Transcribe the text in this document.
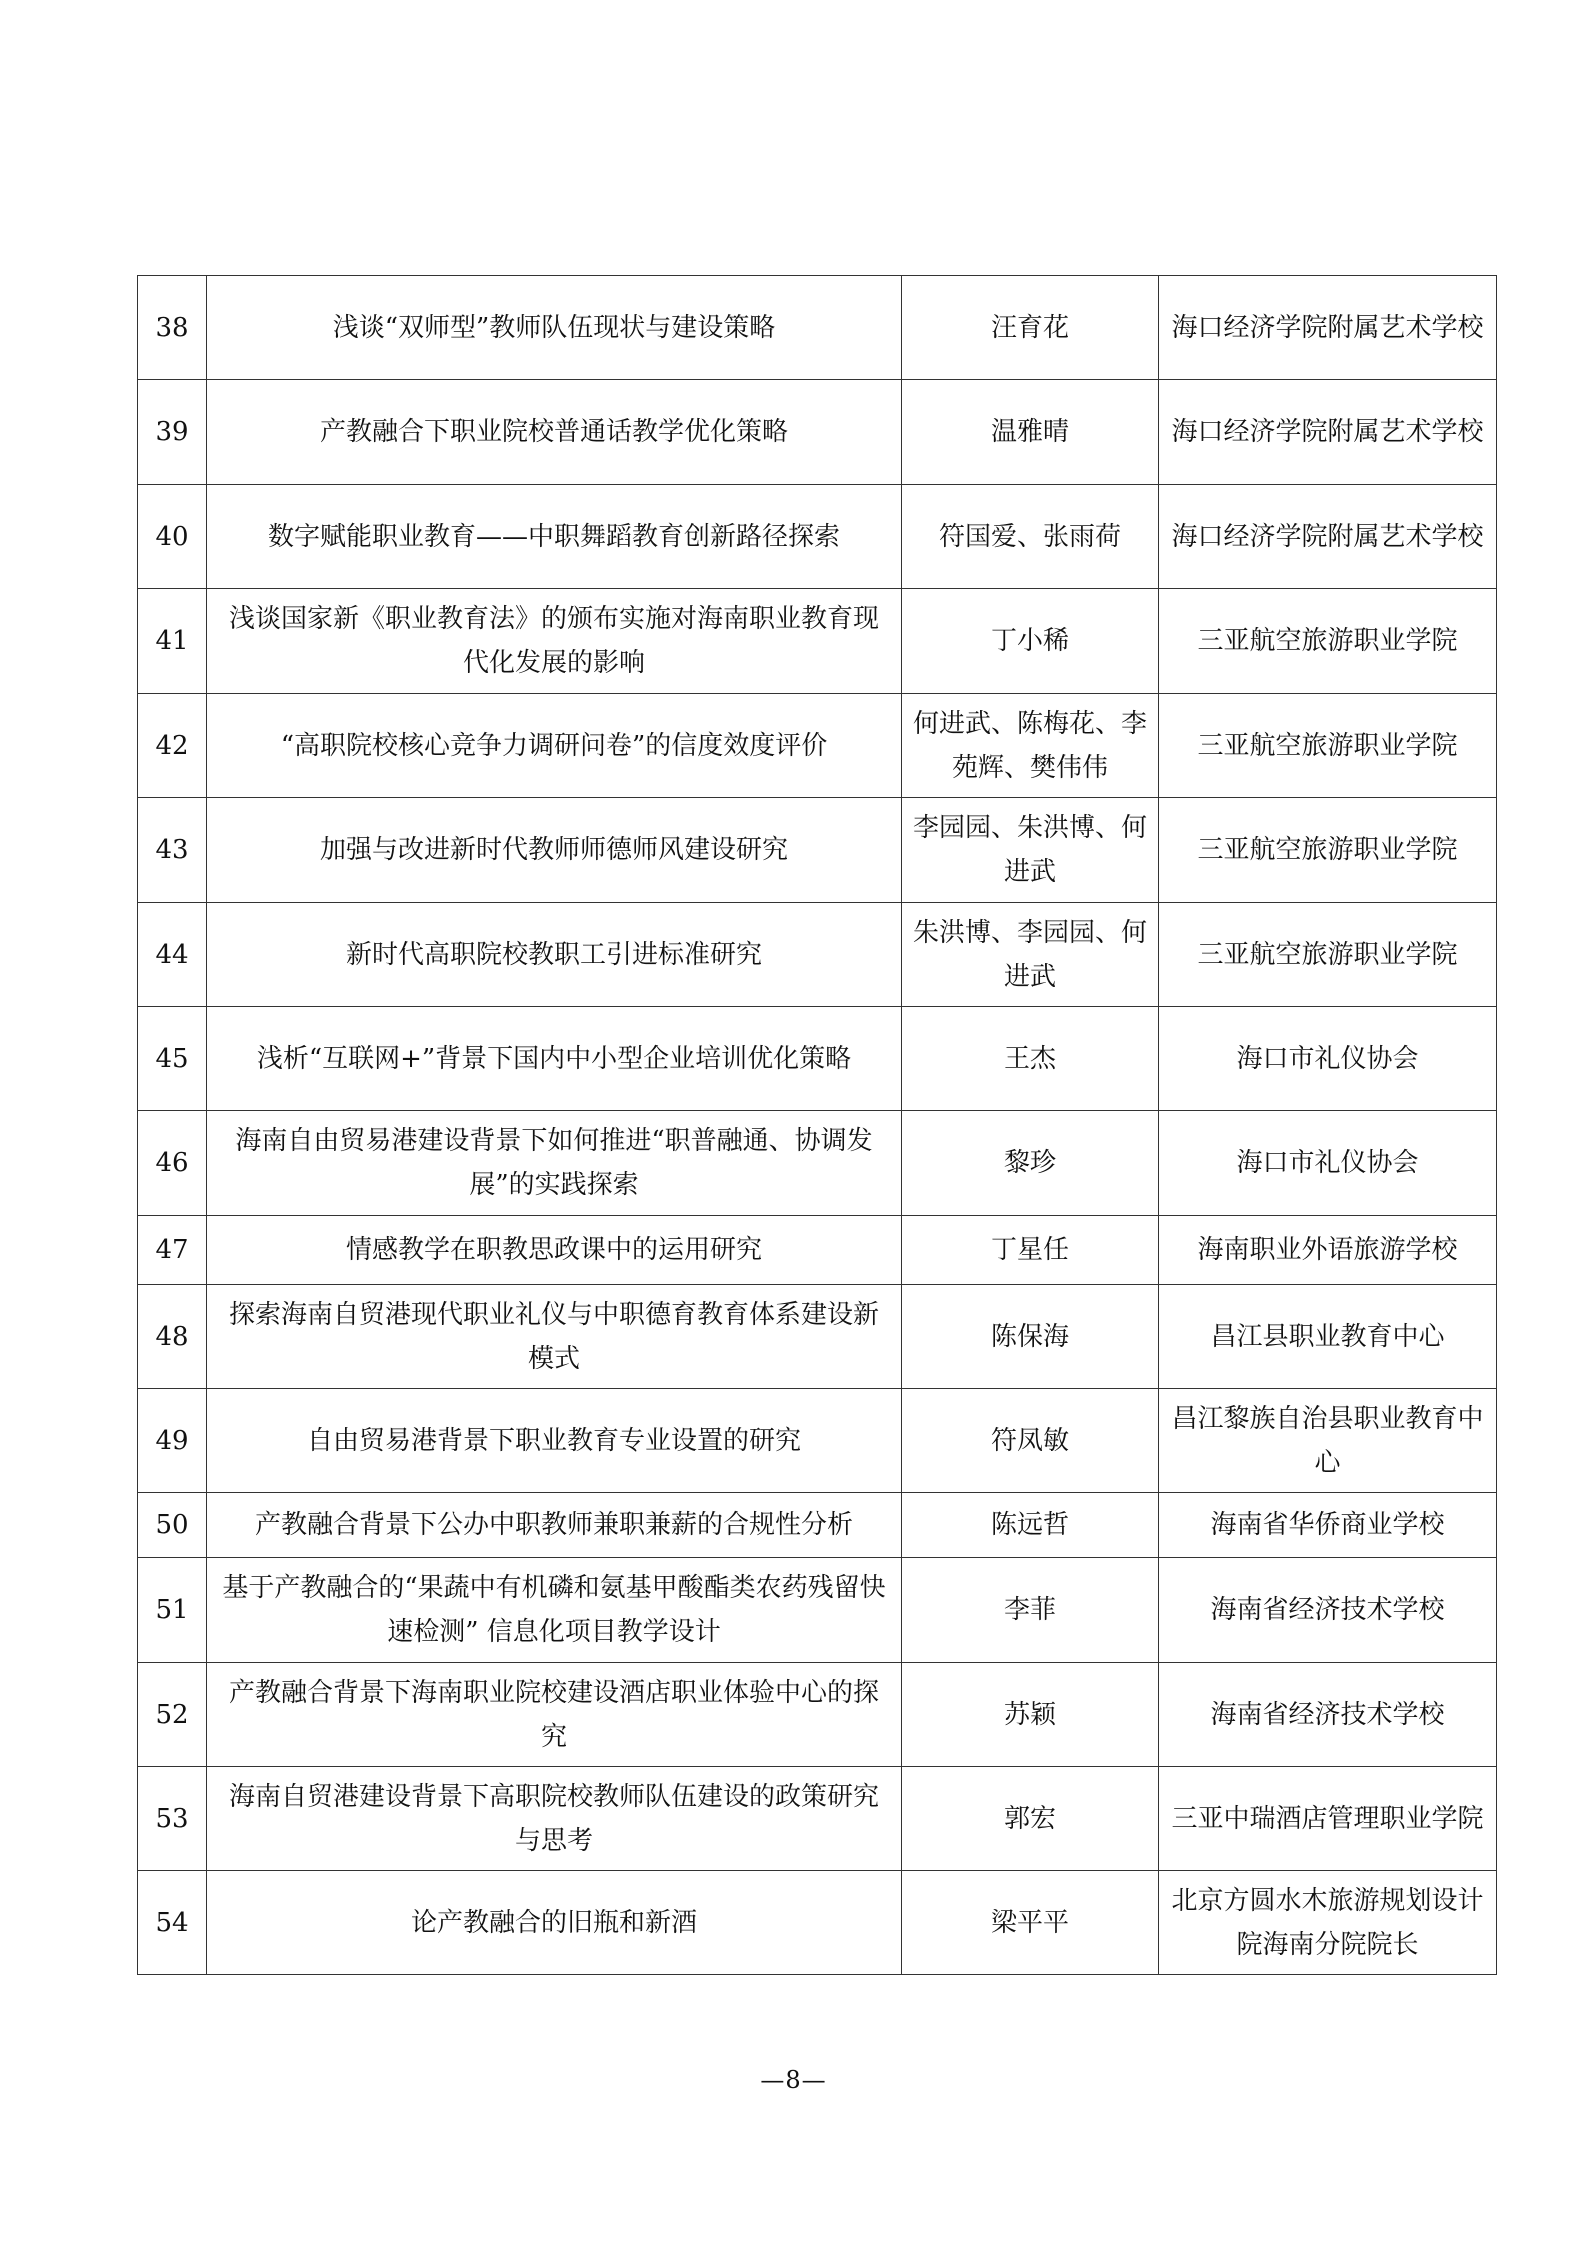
38	浅谈“双师型”教师队伍现状与建设策略	汪育花	海口经济学院附属艺术学校
39	产教融合下职业院校普通话教学优化策略	温雅晴	海口经济学院附属艺术学校
40	数字赋能职业教育——中职舞蹈教育创新路径探索	符国爱、张雨荷	海口经济学院附属艺术学校
41	浅谈国家新《职业教育法》的颁布实施对海南职业教育现代化发展的影响	丁小稀	三亚航空旅游职业学院
42	“高职院校核心竞争力调研问卷”的信度效度评价	何进武、陈梅花、李苑辉、樊伟伟	三亚航空旅游职业学院
43	加强与改进新时代教师师德师风建设研究	李园园、朱洪博、何进武	三亚航空旅游职业学院
44	新时代高职院校教职工引进标准研究	朱洪博、李园园、何进武	三亚航空旅游职业学院
45	浅析“互联网+”背景下国内中小型企业培训优化策略	王杰	海口市礼仪协会
46	海南自由贸易港建设背景下如何推进“职普融通、协调发展”的实践探索	黎珍	海口市礼仪协会
47	情感教学在职教思政课中的运用研究	丁星任	海南职业外语旅游学校
48	探索海南自贸港现代职业礼仪与中职德育教育体系建设新模式	陈保海	昌江县职业教育中心
49	自由贸易港背景下职业教育专业设置的研究	符凤敏	昌江黎族自治县职业教育中心
50	产教融合背景下公办中职教师兼职兼薪的合规性分析	陈远哲	海南省华侨商业学校
51	基于产教融合的“果蔬中有机磷和氨基甲酸酯类农药残留快速检测” 信息化项目教学设计	李菲	海南省经济技术学校
52	产教融合背景下海南职业院校建设酒店职业体验中心的探究	苏颖	海南省经济技术学校
53	海南自贸港建设背景下高职院校教师队伍建设的政策研究与思考	郭宏	三亚中瑞酒店管理职业学院
54	论产教融合的旧瓶和新酒	梁平平	北京方圆水木旅游规划设计院海南分院院长
—8—
